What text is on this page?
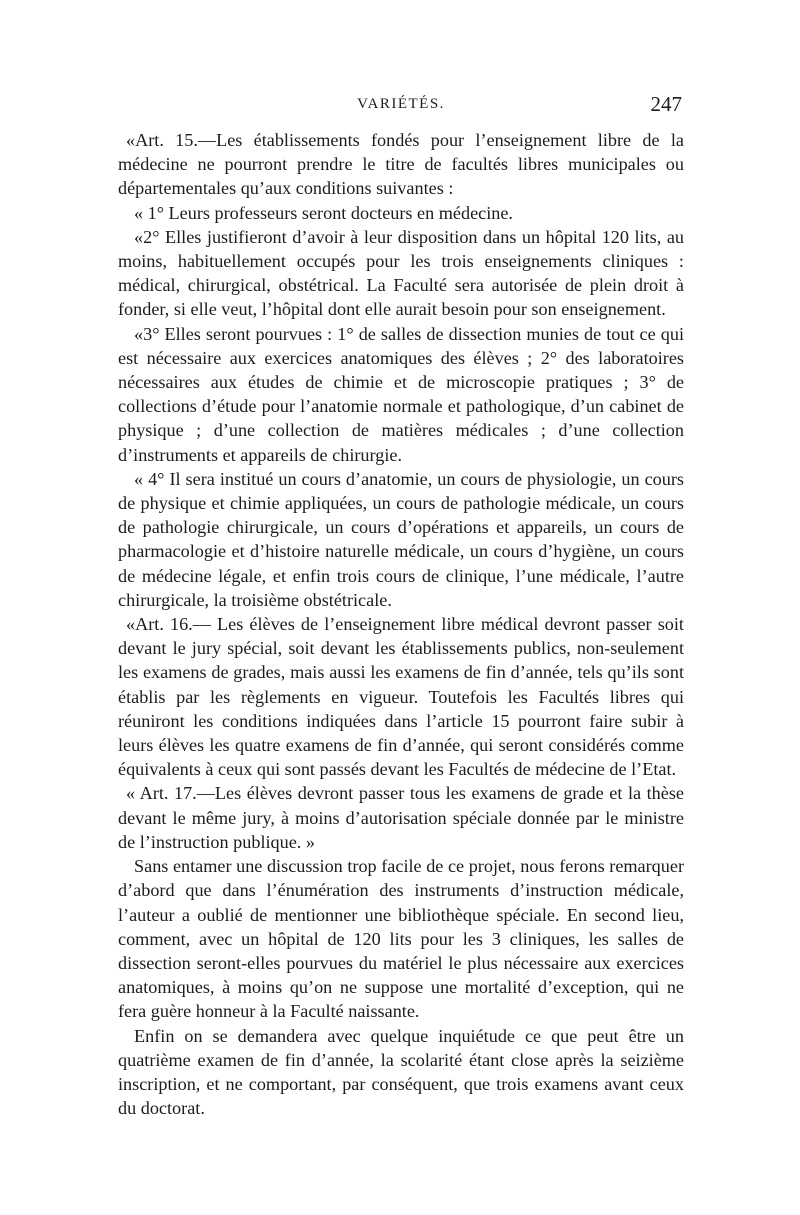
VARIÉTÉS.	247

«Art. 15.—Les établissements fondés pour l’enseignement libre de la médecine ne pourront prendre le titre de facultés libres municipales ou départementales qu’aux conditions suivantes :

« 1° Leurs professeurs seront docteurs en médecine.

«2° Elles justifieront d’avoir à leur disposition dans un hôpital 120 lits, au moins, habituellement occupés pour les trois enseignements cliniques : médical, chirurgical, obstétrical. La Faculté sera autorisée de plein droit à fonder, si elle veut, l’hôpital dont elle aurait besoin pour son enseignement.

«3° Elles seront pourvues : 1° de salles de dissection munies de tout ce qui est nécessaire aux exercices anatomiques des élèves ; 2° des laboratoires nécessaires aux études de chimie et de microscopie pratiques ; 3° de collections d’étude pour l’anatomie normale et pathologique, d’un cabinet de physique ; d’une collection de matières médicales ; d’une collection d’instruments et appareils de chirurgie.

« 4° Il sera institué un cours d’anatomie, un cours de physiologie, un cours de physique et chimie appliquées, un cours de pathologie médicale, un cours de pathologie chirurgicale, un cours d’opérations et appareils, un cours de pharmacologie et d’histoire naturelle médicale, un cours d’hygiène, un cours de médecine légale, et enfin trois cours de clinique, l’une médicale, l’autre chirurgicale, la troisième obstétricale.

«Art. 16.— Les élèves de l’enseignement libre médical devront passer soit devant le jury spécial, soit devant les établissements publics, non-seulement les examens de grades, mais aussi les examens de fin d’année, tels qu’ils sont établis par les règlements en vigueur. Toutefois les Facultés libres qui réuniront les conditions indiquées dans l’article 15 pourront faire subir à leurs élèves les quatre examens de fin d’année, qui seront considérés comme équivalents à ceux qui sont passés devant les Facultés de médecine de l’Etat.

« Art. 17.—Les élèves devront passer tous les examens de grade et la thèse devant le même jury, à moins d’autorisation spéciale donnée par le ministre de l’instruction publique. »

Sans entamer une discussion trop facile de ce projet, nous ferons remarquer d’abord que dans l’énumération des instruments d’instruction médicale, l’auteur a oublié de mentionner une bibliothèque spéciale. En second lieu, comment, avec un hôpital de 120 lits pour les 3 cliniques, les salles de dissection seront-elles pourvues du matériel le plus nécessaire aux exercices anatomiques, à moins qu’on ne suppose une mortalité d’exception, qui ne fera guère honneur à la Faculté naissante.

Enfin on se demandera avec quelque inquiétude ce que peut être un quatrième examen de fin d’année, la scolarité étant close après la seizième inscription, et ne comportant, par conséquent, que trois examens avant ceux du doctorat.
